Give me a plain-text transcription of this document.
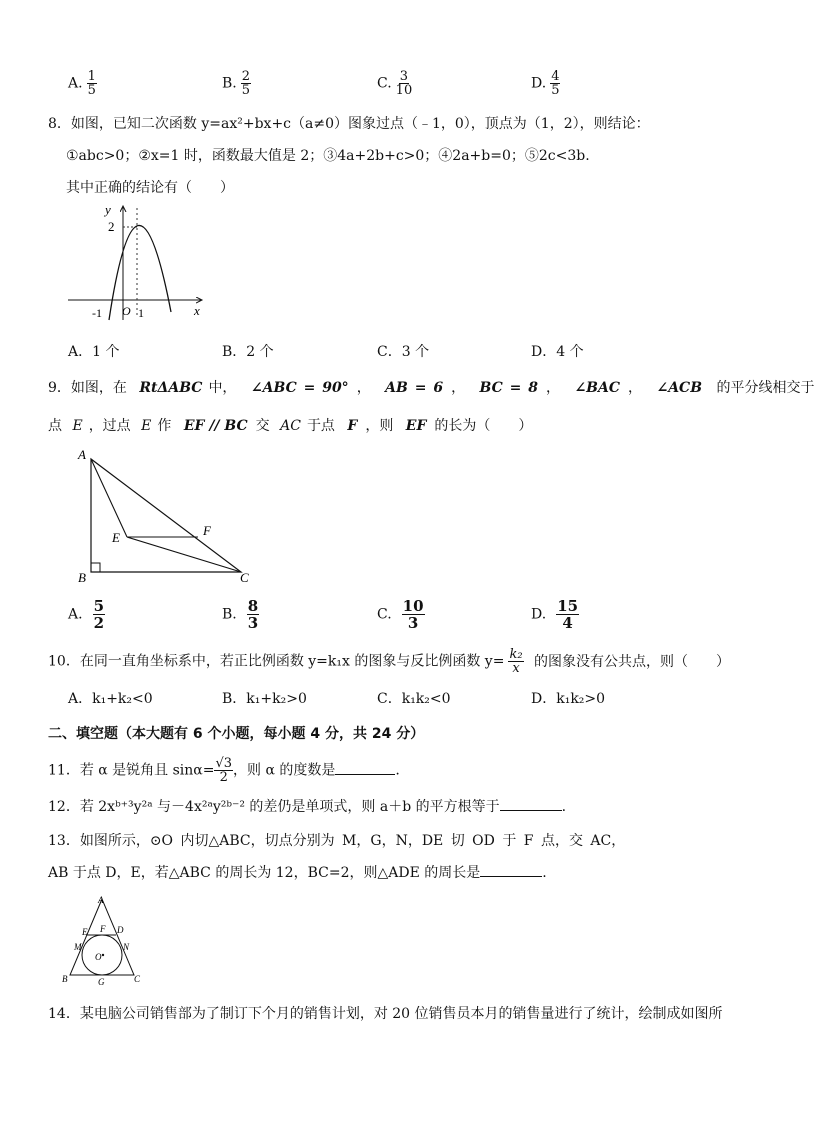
A. $\frac{1}{5}$	B. $\frac{2}{5}$	C. $\frac{3}{10}$	D. $\frac{4}{5}$
8．如图，已知二次函数 y=ax²+bx+c（a≠0）图象过点（﹣1，0），顶点为（1，2），则结论：
①abc>0；②x=1 时，函数最大值是 2；③4a+2b+c>0；④2a+b=0；⑤2c<3b.
其中正确的结论有（　　）
y
x
2
-1 O 1
A．1 个	B．2 个	C．3 个	D．4 个
9．如图，在 RtΔABC 中， ∠ABC = 90° ， AB = 6 ， BC = 8 ， ∠BAC ， ∠ACB 的平分线相交于
点 E ，过点 E 作 EF // BC 交 AC 于点 F ，则 EF 的长为（　　）
A
B	C
E	F
A. $\frac{5}{2}$	B. $\frac{8}{3}$	C. $\frac{10}{3}$	D. $\frac{15}{4}$
10．在同一直角坐标系中，若正比例函数 y=k₁x 的图象与反比例函数 $y= \frac{\text{k₂}}{x}$ 的图象没有公共点，则（　　）
A．k₁+k₂<0	B．k₁+k₂>0	C．k₁k₂<0	D．k₁k₂>0
二、填空题（本大题有 6 个小题，每小题 4 分，共 24 分）
11．若 α 是锐角且 $\sin\alpha= \frac{√3}{2}$ ，则 α 的度数是	.
12．若 2xᵇ⁺³y²ᵃ 与－4x²ᵃy²ᵇ⁻² 的差仍是单项式，则 a＋b 的平方根等于	.
13．如图所示，⊙O 内切△ABC，切点分别为 M，G，N，DE 切 OD 于 F 点，交 AC，
AB 于点 D，E，若△ABC 的周长为 12，BC=2，则△ADE 的周长是	.
A
B	C
E F D
M	N
G
O
14．某电脑公司销售部为了制订下个月的销售计划，对 20 位销售员本月的销售量进行了统计，绘制成如图所
